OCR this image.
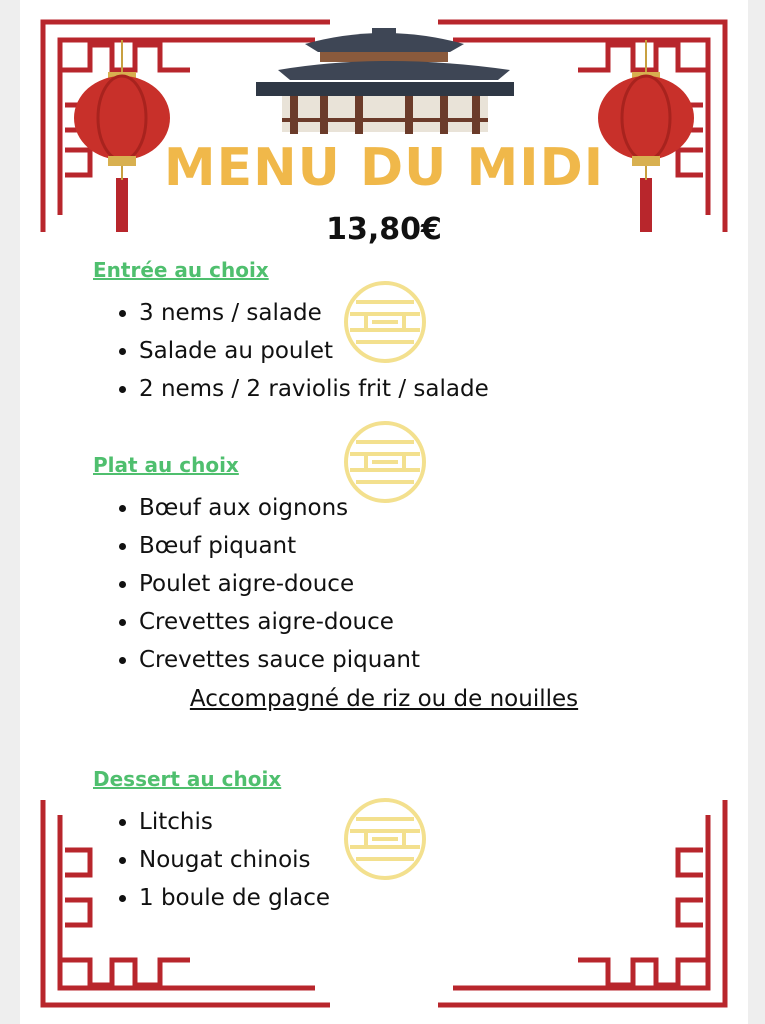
MENU DU MIDI
13,80€
Entrée au choix
• 3 nems / salade
• Salade au poulet
• 2 nems / 2 raviolis frit / salade
Plat au choix
• Bœuf aux oignons
• Bœuf piquant
• Poulet aigre-douce
• Crevettes aigre-douce
• Crevettes sauce piquant
Accompagné de riz ou de nouilles
Dessert au choix
• Litchis
• Nougat chinois
• 1 boule de glace
